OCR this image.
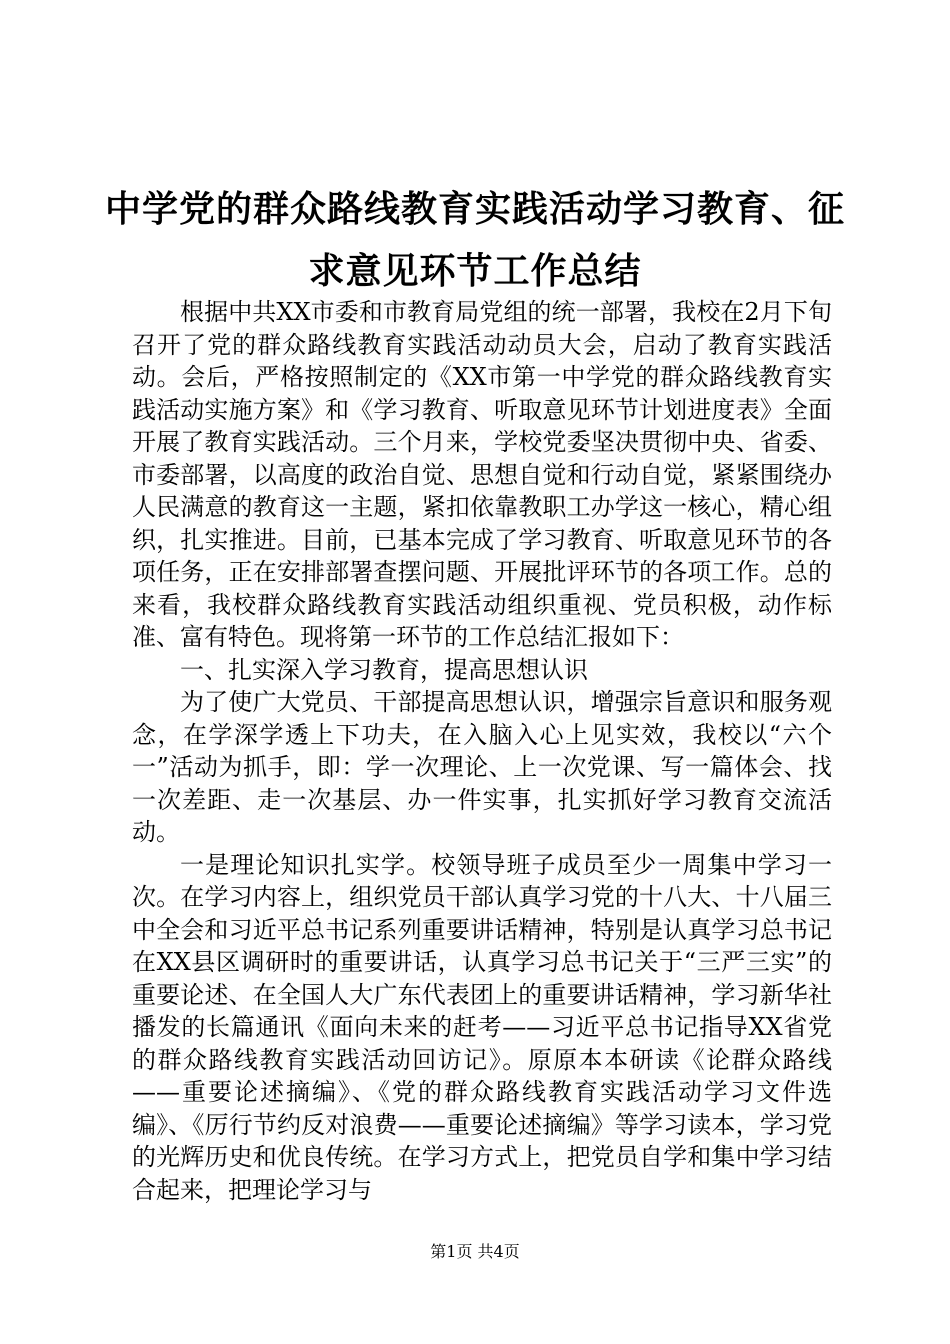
中学党的群众路线教育实践活动学习教育、征求意见环节工作总结

根据中共XX市委和市教育局党组的统一部署，我校在2月下旬召开了党的群众路线教育实践活动动员大会，启动了教育实践活动。会后，严格按照制定的《XX市第一中学党的群众路线教育实践活动实施方案》和《学习教育、听取意见环节计划进度表》全面开展了教育实践活动。三个月来，学校党委坚决贯彻中央、省委、市委部署，以高度的政治自觉、思想自觉和行动自觉，紧紧围绕办人民满意的教育这一主题，紧扣依靠教职工办学这一核心，精心组织，扎实推进。目前，已基本完成了学习教育、听取意见环节的各项任务，正在安排部署查摆问题、开展批评环节的各项工作。总的来看，我校群众路线教育实践活动组织重视、党员积极，动作标准、富有特色。现将第一环节的工作总结汇报如下：

一、扎实深入学习教育，提高思想认识

为了使广大党员、干部提高思想认识，增强宗旨意识和服务观念，在学深学透上下功夫，在入脑入心上见实效，我校以“六个一”活动为抓手，即：学一次理论、上一次党课、写一篇体会、找一次差距、走一次基层、办一件实事，扎实抓好学习教育交流活动。

一是理论知识扎实学。校领导班子成员至少一周集中学习一次。在学习内容上，组织党员干部认真学习党的十八大、十八届三中全会和习近平总书记系列重要讲话精神，特别是认真学习总书记在XX县区调研时的重要讲话，认真学习总书记关于“三严三实”的重要论述、在全国人大广东代表团上的重要讲话精神，学习新华社播发的长篇通讯《面向未来的赶考——习近平总书记指导XX省党的群众路线教育实践活动回访记》。原原本本研读《论群众路线——重要论述摘编》、《党的群众路线教育实践活动学习文件选编》、《厉行节约反对浪费——重要论述摘编》等学习读本，学习党的光辉历史和优良传统。在学习方式上，把党员自学和集中学习结合起来，把理论学习与

第1页 共4页
